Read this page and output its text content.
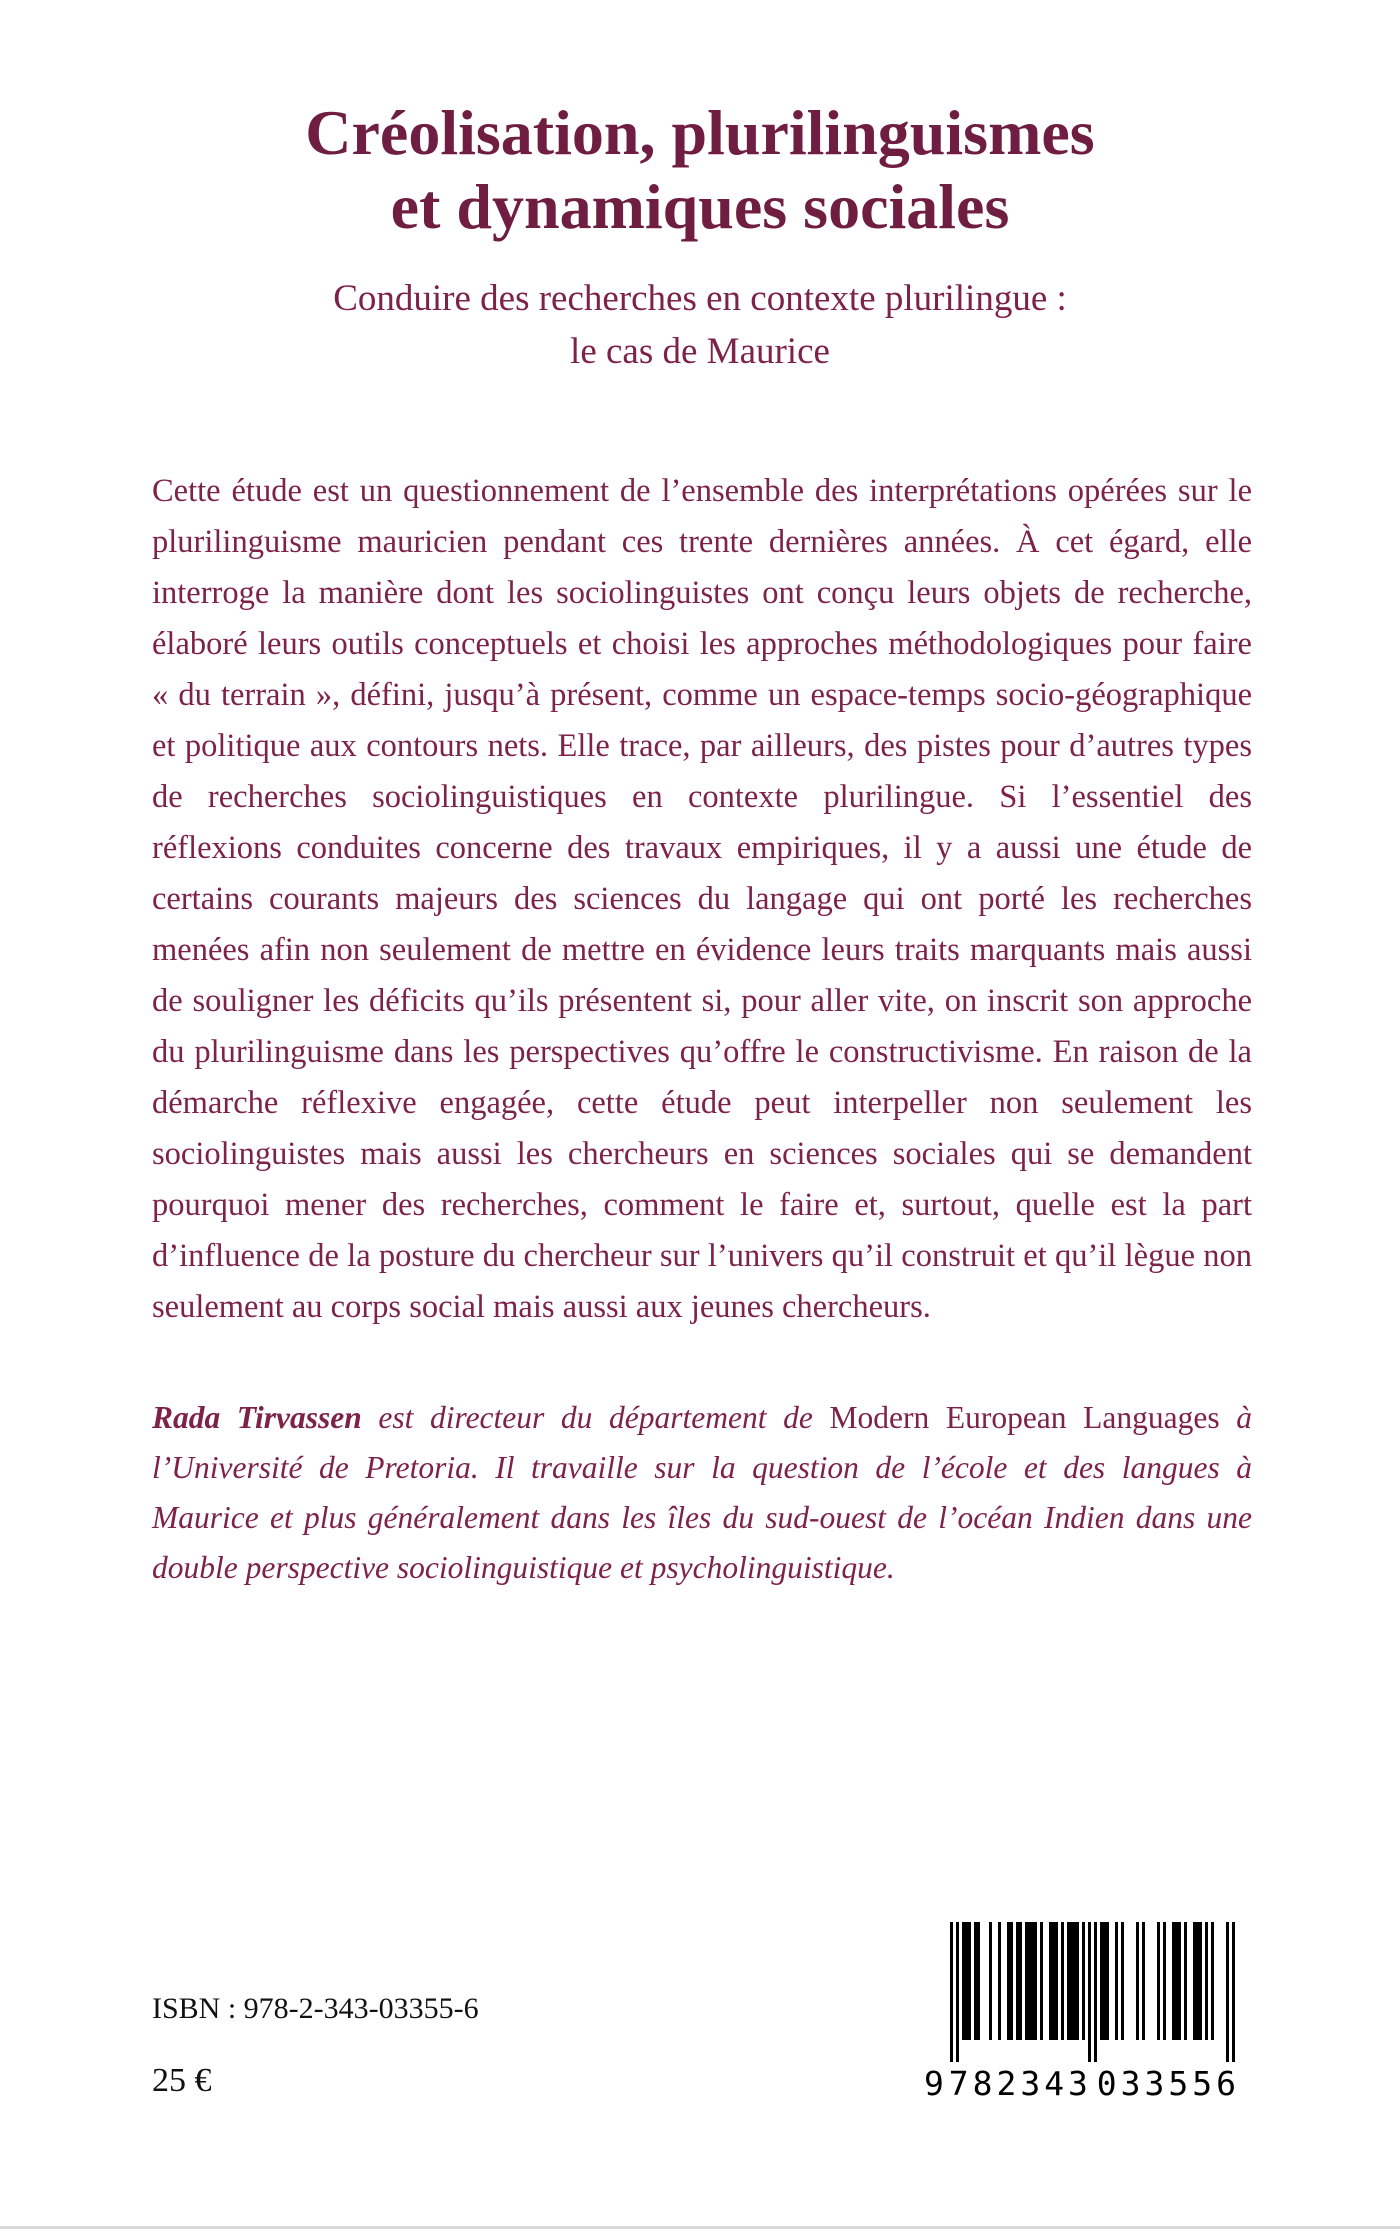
Créolisation, plurilinguismes
et dynamiques sociales
Conduire des recherches en contexte plurilingue :
le cas de Maurice

Cette étude est un questionnement de l’ensemble des interprétations opérées sur le plurilinguisme mauricien pendant ces trente dernières années. À cet égard, elle interroge la manière dont les sociolinguistes ont conçu leurs objets de recherche, élaboré leurs outils conceptuels et choisi les approches méthodologiques pour faire « du terrain », défini, jusqu’à présent, comme un espace-temps socio-géographique et politique aux contours nets. Elle trace, par ailleurs, des pistes pour d’autres types de recherches sociolinguistiques en contexte plurilingue. Si l’essentiel des réflexions conduites concerne des travaux empiriques, il y a aussi une étude de certains courants majeurs des sciences du langage qui ont porté les recherches menées afin non seulement de mettre en évidence leurs traits marquants mais aussi de souligner les déficits qu’ils présentent si, pour aller vite, on inscrit son approche du plurilinguisme dans les perspectives qu’offre le constructivisme. En raison de la démarche réflexive engagée, cette étude peut interpeller non seulement les sociolinguistes mais aussi les chercheurs en sciences sociales qui se demandent pourquoi mener des recherches, comment le faire et, surtout, quelle est la part d’influence de la posture du chercheur sur l’univers qu’il construit et qu’il lègue non seulement au corps social mais aussi aux jeunes chercheurs.

Rada Tirvassen est directeur du département de Modern European Languages à l’Université de Pretoria. Il travaille sur la question de l’école et des langues à Maurice et plus généralement dans les îles du sud-ouest de l’océan Indien dans une double perspective sociolinguistique et psycholinguistique.

ISBN : 978-2-343-03355-6

25 €	9 782343 033556
